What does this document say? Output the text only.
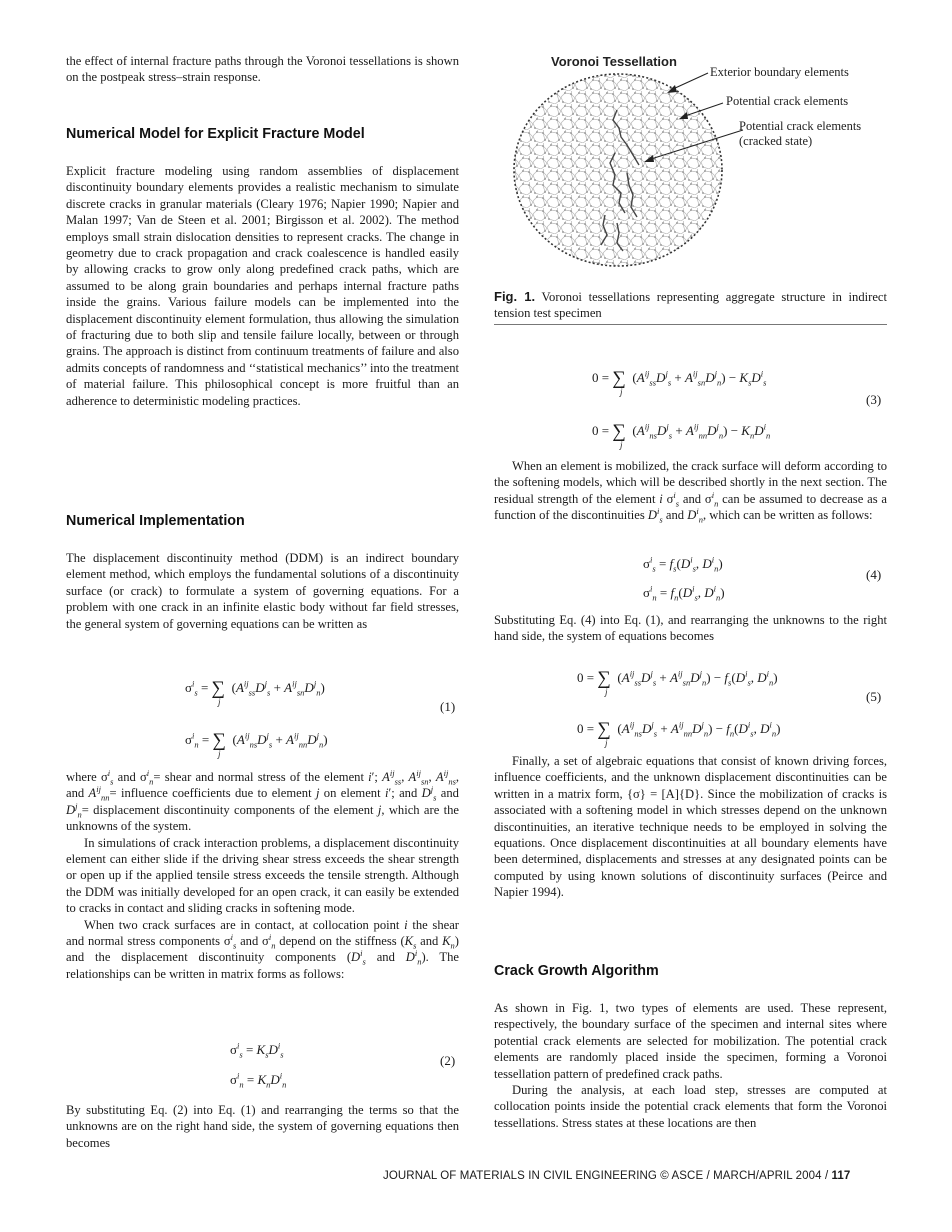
the effect of internal fracture paths through the Voronoi tessellations is shown on the postpeak stress–strain response.

Numerical Model for Explicit Fracture Model

Explicit fracture modeling using random assemblies of displacement discontinuity boundary elements provides a realistic mechanism to simulate discrete cracks in granular materials (Cleary 1976; Napier 1990; Napier and Malan 1997; Van de Steen et al. 2001; Birgisson et al. 2002). The method employs small strain dislocation densities to represent cracks. The change in geometry due to crack propagation and crack coalescence is handled easily by allowing cracks to grow only along predefined crack paths, which are assumed to be along grain boundaries and perhaps internal fracture paths inside the grains. Various failure models can be implemented into the displacement discontinuity element formulation, thus allowing the simulation of fracturing due to both slip and tensile failure locally, between or through grains. The approach is distinct from continuum treatments of failure and also admits concepts of randomness and ‘‘statistical mechanics’’ into the treatment of material failure. This philosophical concept is more fruitful than an adherence to deterministic modeling practices.

Numerical Implementation

The displacement discontinuity method (DDM) is an indirect boundary element method, which employs the fundamental solutions of a discontinuity surface (or crack) to formulate a system of governing equations. For a problem with one crack in an infinite elastic body without far field stresses, the general system of governing equations can be written as

$\sigma^i_s$ = ∑  $(A^{ij}_{ss}D^j_s + A^{ij}_{sn}D^j_n)$
j	(1)
$\sigma^i_n$ = ∑  $(A^{ij}_{ns}D^j_s + A^{ij}_{nn}D^j_n)$
j

where $\sigma^i_s$ and $\sigma^i_n=$ shear and normal stress of the element i′; $A^{ij}_{ss}$, $A^{ij}_{sn}$, $A^{ij}_{ns}$, and $A^{ij}_{nn}=$ influence coefficients due to element j on element i′; and $D^j_s$ and $D^j_n=$ displacement discontinuity components of the element j, which are the unknowns of the system.

In simulations of crack interaction problems, a displacement discontinuity element can either slide if the driving shear stress exceeds the shear strength or open up if the applied tensile stress exceeds the tensile strength. Although the DDM was initially developed for an open crack, it can easily be extended to cracks in contact and sliding cracks in softening mode.

When two crack surfaces are in contact, at collocation point i the shear and normal stress components $\sigma^i_s$ and $\sigma^i_n$ depend on the stiffness ($K_s$ and $K_n$) and the displacement discontinuity components ($D^i_s$ and $D^i_n$). The relationships can be written in matrix forms as follows:

$\sigma^i_s = K_sD^i_s$	(2)
$\sigma^i_n = K_nD^i_n$

By substituting Eq. (2) into Eq. (1) and rearranging the terms so that the unknowns are on the right hand side, the system of governing equations then becomes

Voronoi Tessellation
Exterior boundary elements
Potential crack elements
Potential crack elements
(cracked state)
Fig. 1. Voronoi tessellations representing aggregate structure in indirect tension test specimen
0 = ∑  $(A^{ij}_{ss}D^j_s + A^{ij}_{sn}D^j_n) - K_sD^i_s$
j	(3)
0 = ∑  $(A^{ij}_{ns}D^j_s + A^{ij}_{nn}D^j_n) - K_nD^i_n$
j

When an element is mobilized, the crack surface will deform according to the softening models, which will be described shortly in the next section. The residual strength of the element i $\sigma^i_s$ and $\sigma^i_n$ can be assumed to decrease as a function of the discontinuities $D^i_s$ and $D^i_n$, which can be written as follows:

$\sigma^i_s = f_s(D^i_s$, $D^i_n$)
(4)
$\sigma^i_n = f_n(D^i_s$, $D^i_n$)

Substituting Eq. (4) into Eq. (1), and rearranging the unknowns to the right hand side, the system of equations becomes

0 = ∑  $(A^{ij}_{ss}D^j_s + A^{ij}_{sn}D^j_n) - f_s(D^i_s$, $D^i_n$)
j	(5)
0 = ∑  $(A^{ij}_{ns}D^j_s + A^{ij}_{nn}D^j_n) - f_n(D^i_s$, $D^i_n$)
j

Finally, a set of algebraic equations that consist of known driving forces, influence coefficients, and the unknown displacement discontinuities can be written in a matrix form, {σ} = [A]{D}. Since the mobilization of cracks is associated with a softening model in which stresses depend on the unknown discontinuities, an iterative technique needs to be employed in solving the equations. Once displacement discontinuities at all boundary elements have been determined, displacements and stresses at any designated points can be computed by using known solutions of discontinuity surfaces (Peirce and Napier 1994).

Crack Growth Algorithm

As shown in Fig. 1, two types of elements are used. These represent, respectively, the boundary surface of the specimen and internal sites where potential crack elements are selected for mobilization. The potential crack elements are randomly placed inside the specimen, forming a Voronoi tessellation pattern of predefined crack paths.

During the analysis, at each load step, stresses are computed at collocation points inside the potential crack elements that form the Voronoi tessellations. Stress states at these locations are then

JOURNAL OF MATERIALS IN CIVIL ENGINEERING © ASCE / MARCH/APRIL 2004 / 117
